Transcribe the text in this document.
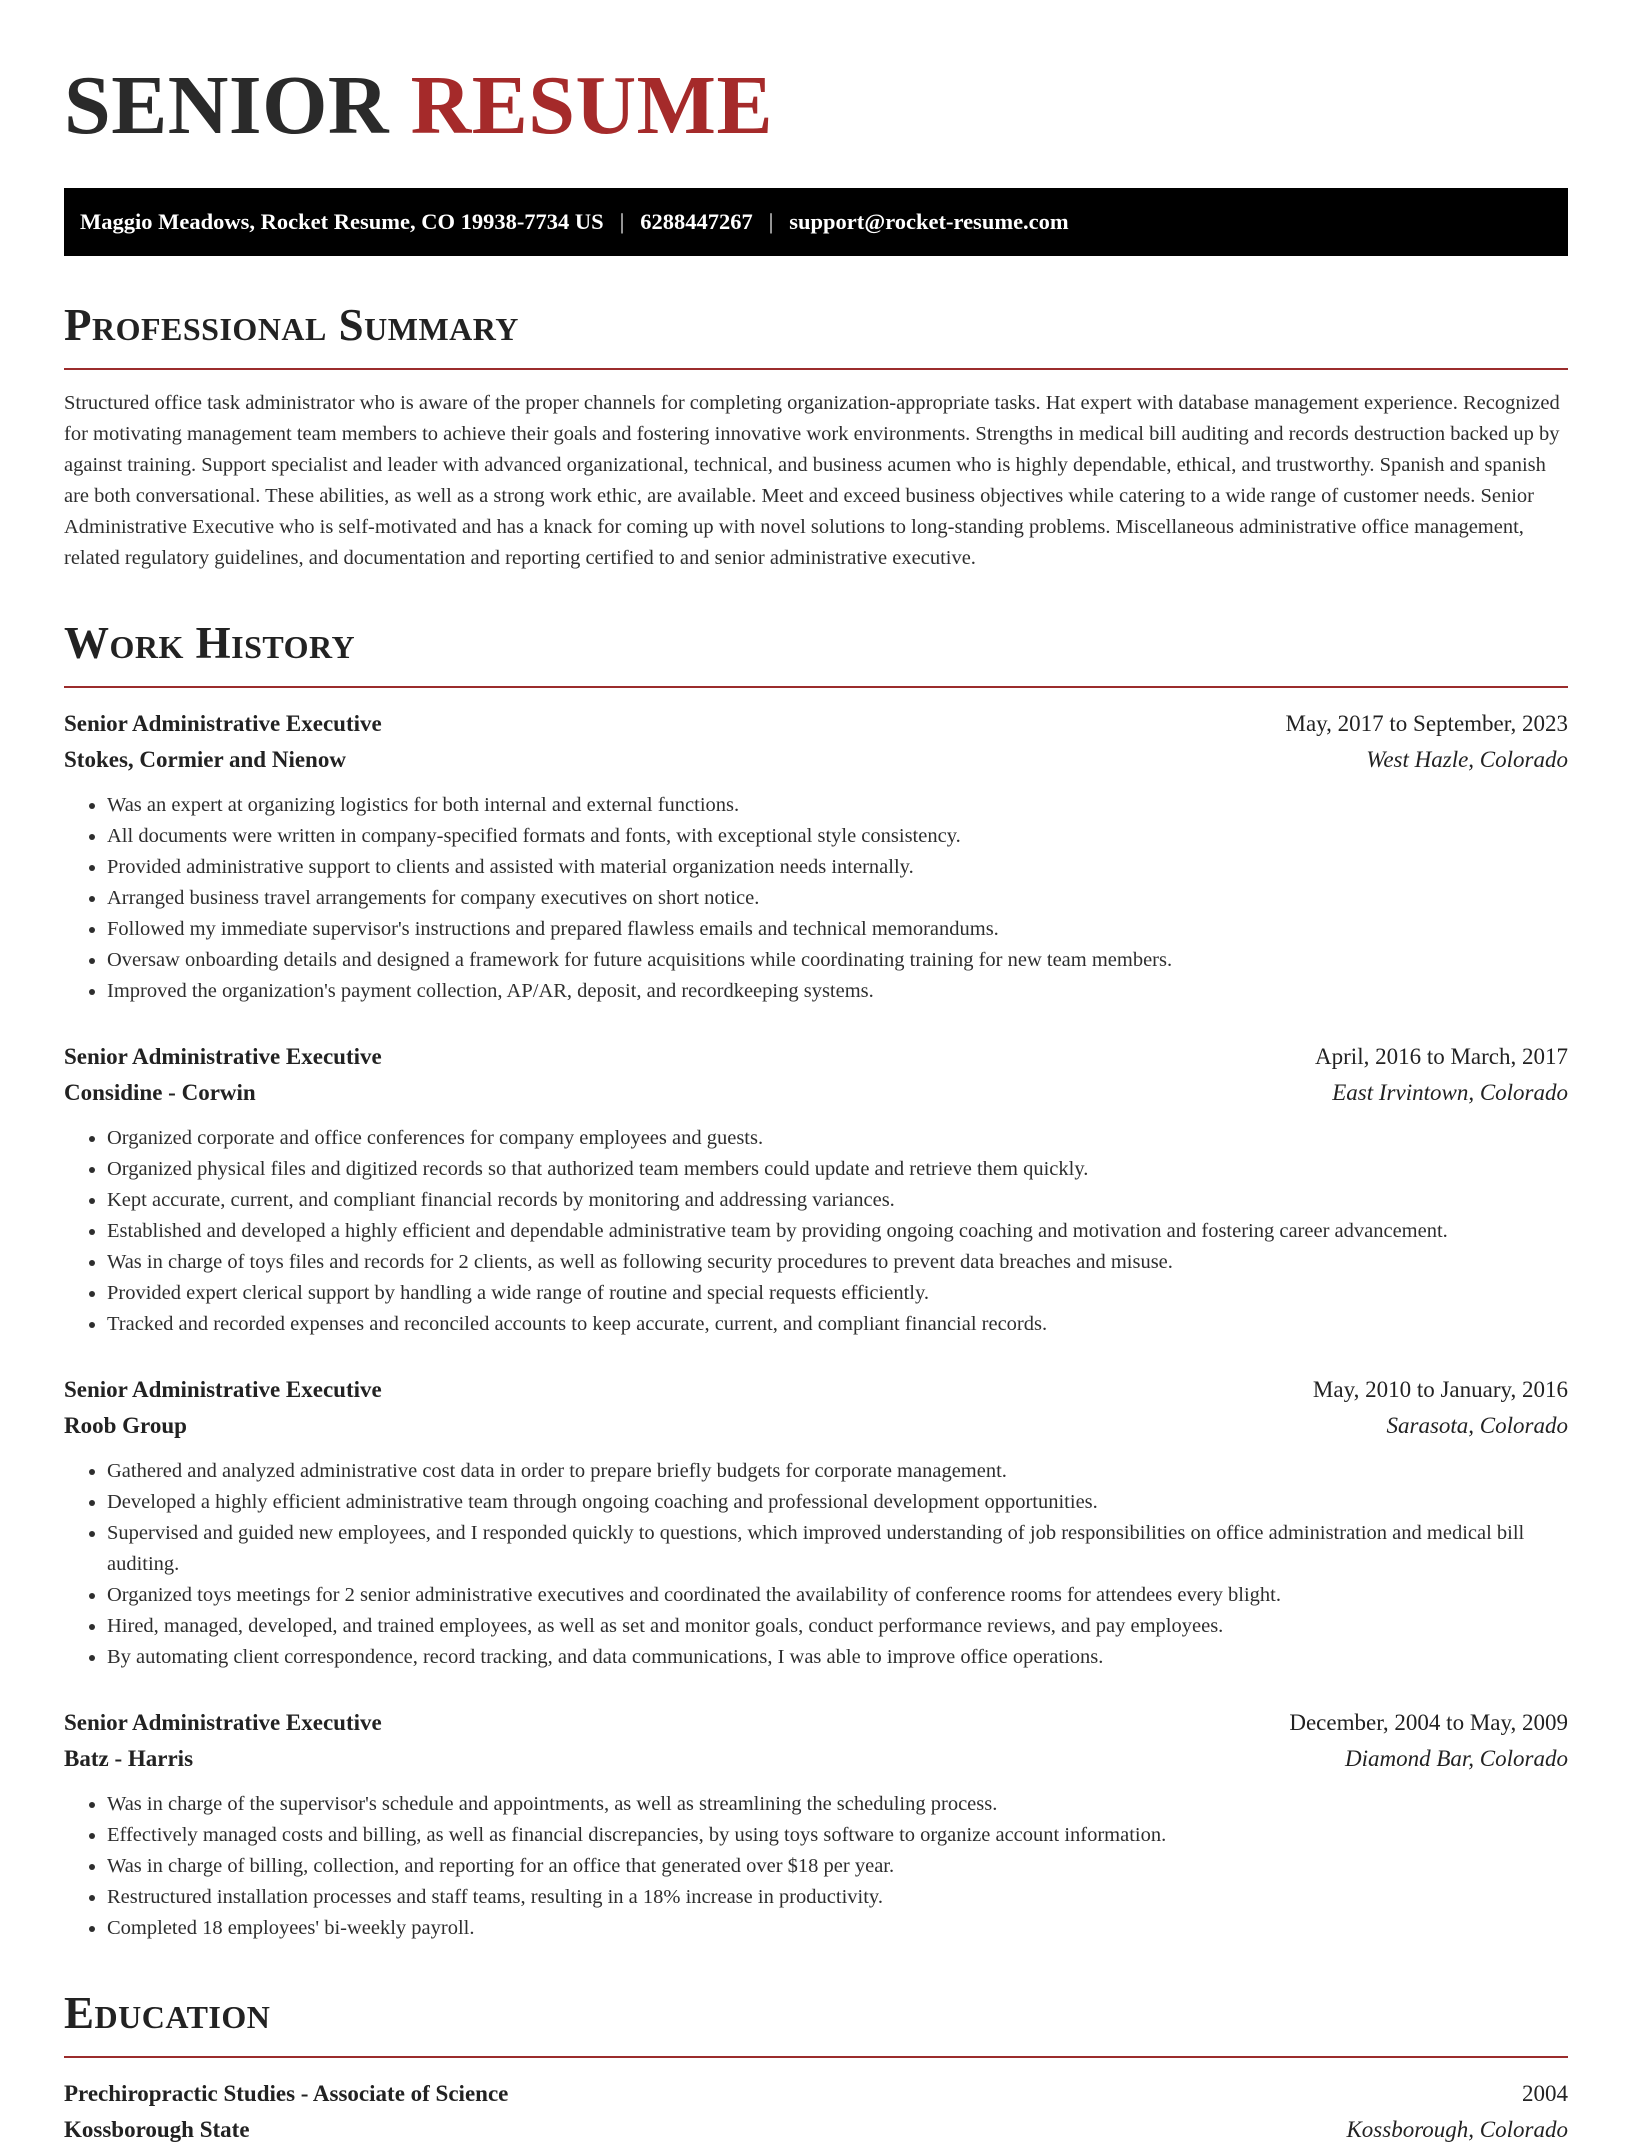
SENIOR RESUME
Maggio Meadows, Rocket Resume, CO 19938-7734 US | 6288447267 | support@rocket-resume.com
Professional Summary

Structured office task administrator who is aware of the proper channels for completing organization-appropriate tasks. Hat expert with database management experience. Recognized for motivating management team members to achieve their goals and fostering innovative work environments. Strengths in medical bill auditing and records destruction backed up by against training. Support specialist and leader with advanced organizational, technical, and business acumen who is highly dependable, ethical, and trustworthy. Spanish and spanish are both conversational. These abilities, as well as a strong work ethic, are available. Meet and exceed business objectives while catering to a wide range of customer needs. Senior Administrative Executive who is self-motivated and has a knack for coming up with novel solutions to long-standing problems. Miscellaneous administrative office management, related regulatory guidelines, and documentation and reporting certified to and senior administrative executive.

Work History
Senior Administrative Executive	May, 2017 to September, 2023
Stokes, Cormier and Nienow	West Hazle, Colorado
• Was an expert at organizing logistics for both internal and external functions.
• All documents were written in company-specified formats and fonts, with exceptional style consistency.
• Provided administrative support to clients and assisted with material organization needs internally.
• Arranged business travel arrangements for company executives on short notice.
• Followed my immediate supervisor's instructions and prepared flawless emails and technical memorandums.
• Oversaw onboarding details and designed a framework for future acquisitions while coordinating training for new team members.
• Improved the organization's payment collection, AP/AR, deposit, and recordkeeping systems.
Senior Administrative Executive	April, 2016 to March, 2017
Considine - Corwin	East Irvintown, Colorado
• Organized corporate and office conferences for company employees and guests.
• Organized physical files and digitized records so that authorized team members could update and retrieve them quickly.
• Kept accurate, current, and compliant financial records by monitoring and addressing variances.
• Established and developed a highly efficient and dependable administrative team by providing ongoing coaching and motivation and fostering career advancement.
• Was in charge of toys files and records for 2 clients, as well as following security procedures to prevent data breaches and misuse.
• Provided expert clerical support by handling a wide range of routine and special requests efficiently.
• Tracked and recorded expenses and reconciled accounts to keep accurate, current, and compliant financial records.
Senior Administrative Executive	May, 2010 to January, 2016
Roob Group	Sarasota, Colorado
• Gathered and analyzed administrative cost data in order to prepare briefly budgets for corporate management.
• Developed a highly efficient administrative team through ongoing coaching and professional development opportunities.
• Supervised and guided new employees, and I responded quickly to questions, which improved understanding of job responsibilities on office administration and medical bill auditing.
• Organized toys meetings for 2 senior administrative executives and coordinated the availability of conference rooms for attendees every blight.
• Hired, managed, developed, and trained employees, as well as set and monitor goals, conduct performance reviews, and pay employees.
• By automating client correspondence, record tracking, and data communications, I was able to improve office operations.
Senior Administrative Executive	December, 2004 to May, 2009
Batz - Harris	Diamond Bar, Colorado
• Was in charge of the supervisor's schedule and appointments, as well as streamlining the scheduling process.
• Effectively managed costs and billing, as well as financial discrepancies, by using toys software to organize account information.
• Was in charge of billing, collection, and reporting for an office that generated over $18 per year.
• Restructured installation processes and staff teams, resulting in a 18% increase in productivity.
• Completed 18 employees' bi-weekly payroll.
Education
Prechiropractic Studies - Associate of Science	2004
Kossborough State	Kossborough, Colorado
